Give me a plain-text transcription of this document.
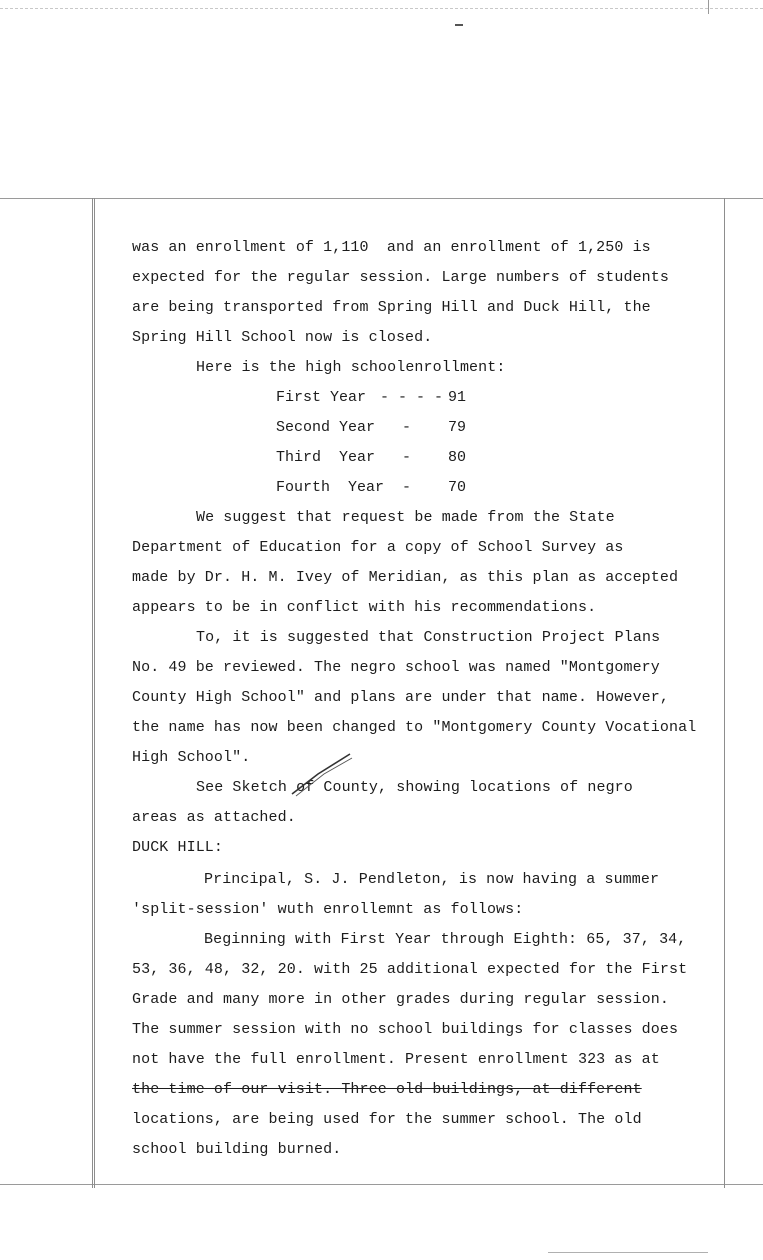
was an enrollment of 1,110  and an enrollment of 1,250 is
expected for the regular session. Large numbers of students
are being transported from Spring Hill and Duck Hill, the
Spring Hill School now is closed.
Here is the high schoolenrollment:
First Year - - - - 91
Second Year - 79
Third  Year - 80
Fourth  Year - 70
We suggest that request be made from the State
Department of Education for a copy of School Survey as
made by Dr. H. M. Ivey of Meridian, as this plan as accepted
appears to be in conflict with his recommendations.
To, it is suggested that Construction Project Plans
No. 49 be reviewed. The negro school was named "Montgomery
County High School" and plans are under that name. However,
the name has now been changed to "Montgomery County Vocational
High School".
See Sketch of County, showing locations of negro
areas as attached.
DUCK HILL:
Principal, S. J. Pendleton, is now having a summer
'split-session' wuth enrollemnt as follows:
Beginning with First Year through Eighth: 65, 37, 34,
53, 36, 48, 32, 20. with 25 additional expected for the First
Grade and many more in other grades during regular session.
The summer session with no school buildings for classes does
not have the full enrollment. Present enrollment 323 as at
the time of our visit. Three old buildings, at different
locations, are being used for the summer school. The old
school building burned.
